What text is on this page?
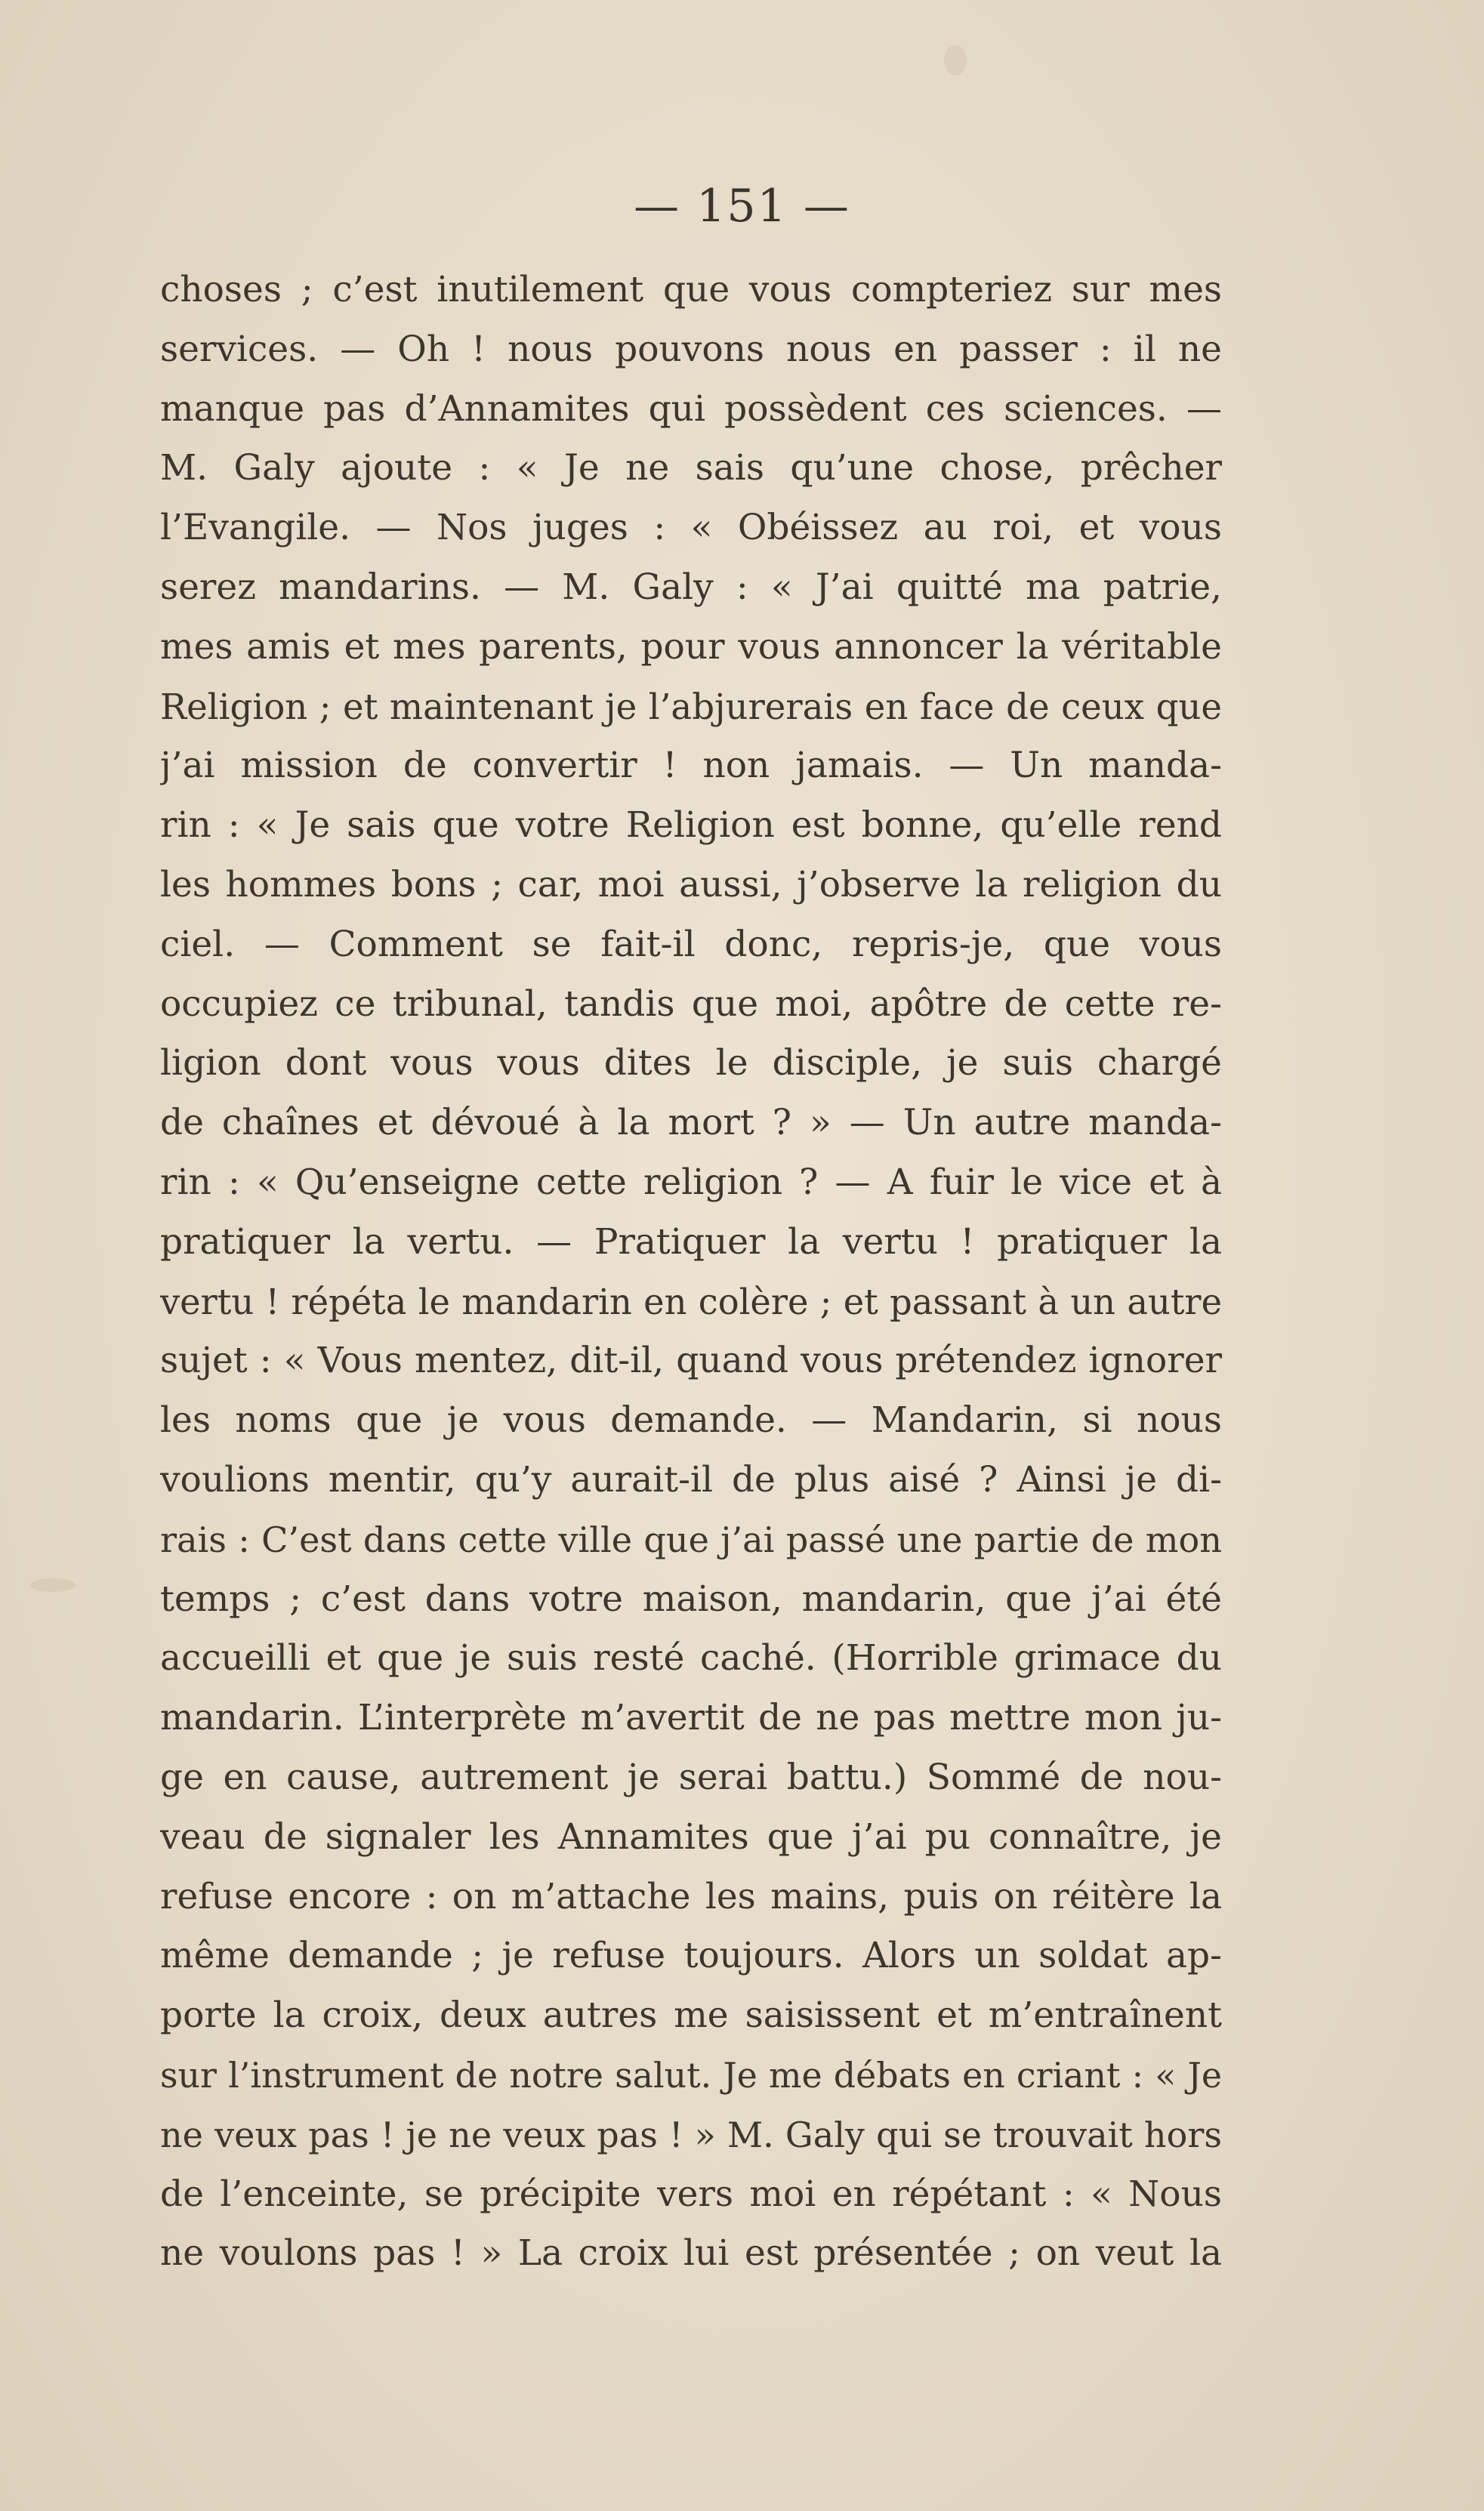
— 151 —
choses ; c’est inutilement que vous compteriez sur mes
services. — Oh ! nous pouvons nous en passer : il ne
manque pas d’Annamites qui possèdent ces sciences. —
M. Galy ajoute : « Je ne sais qu’une chose, prêcher
l’Evangile. — Nos juges : « Obéissez au roi, et vous
serez mandarins. — M. Galy : « J’ai quitté ma patrie,
mes amis et mes parents, pour vous annoncer la véritable
Religion ; et maintenant je l’abjurerais en face de ceux que
j’ai mission de convertir ! non jamais. — Un manda-
rin : « Je sais que votre Religion est bonne, qu’elle rend
les hommes bons ; car, moi aussi, j’observe la religion du
ciel. — Comment se fait-il donc, repris-je, que vous
occupiez ce tribunal, tandis que moi, apôtre de cette re-
ligion dont vous vous dites le disciple, je suis chargé
de chaînes et dévoué à la mort ? » — Un autre manda-
rin : « Qu’enseigne cette religion ? — A fuir le vice et à
pratiquer la vertu. — Pratiquer la vertu ! pratiquer la
vertu ! répéta le mandarin en colère ; et passant à un autre
sujet : « Vous mentez, dit-il, quand vous prétendez ignorer
les noms que je vous demande. — Mandarin, si nous
voulions mentir, qu’y aurait-il de plus aisé ? Ainsi je di-
rais : C’est dans cette ville que j’ai passé une partie de mon
temps ; c’est dans votre maison, mandarin, que j’ai été
accueilli et que je suis resté caché. (Horrible grimace du
mandarin. L’interprète m’avertit de ne pas mettre mon ju-
ge en cause, autrement je serai battu.) Sommé de nou-
veau de signaler les Annamites que j’ai pu connaître, je
refuse encore : on m’attache les mains, puis on réitère la
même demande ; je refuse toujours. Alors un soldat ap-
porte la croix, deux autres me saisissent et m’entraînent
sur l’instrument de notre salut. Je me débats en criant : « Je
ne veux pas ! je ne veux pas ! » M. Galy qui se trouvait hors
de l’enceinte, se précipite vers moi en répétant : « Nous
ne voulons pas ! » La croix lui est présentée ; on veut la
